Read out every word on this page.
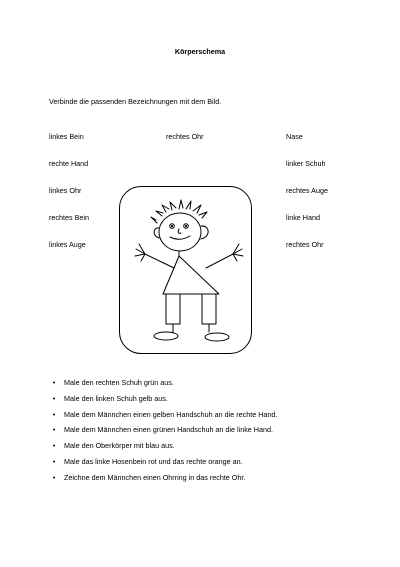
Körperschema
Verbinde die passenden Bezeichnungen mit dem Bild.
linkes Bein
rechte Hand
linkes Ohr
rechtes Bein
linkes Auge
rechtes Ohr	Nase
linker Schuh
rechtes Auge
linke Hand
rechtes Ohr
•	Male den rechten Schuh grün aus.
•	Male den linken Schuh gelb aus.
•	Male dem Männchen einen gelben Handschuh an die rechte Hand.
•	Male dem Männchen einen grünen Handschuh an die linke Hand.
•	Male den Oberkörper mit blau aus.
•	Male das linke Hosenbein rot und das rechte orange an.
•	Zeichne dem Männchen einen Ohrring in das rechte Ohr.
